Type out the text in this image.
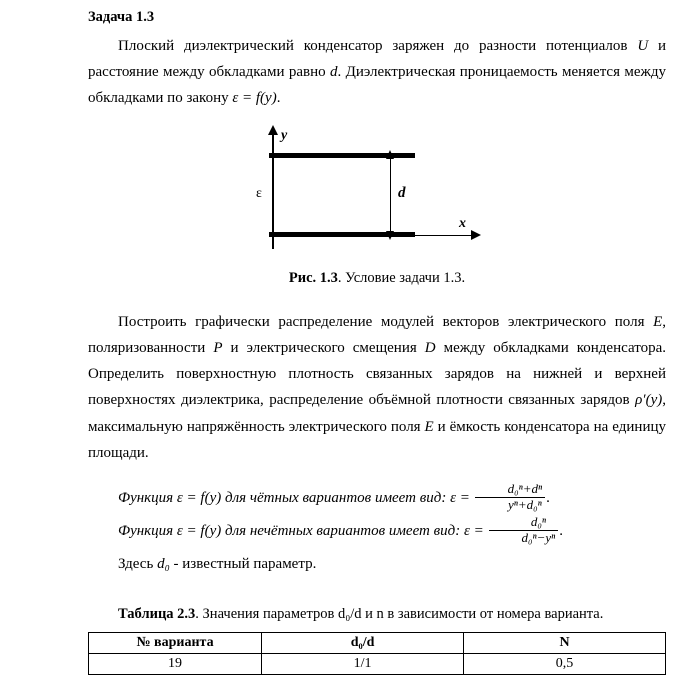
Задача 1.3

Плоский диэлектрический конденсатор заряжен до разности потенциалов U и расстояние между обкладками равно d. Диэлектрическая проницаемость меняется между обкладками по закону ε = f(y).

y
x
d
ε
Рис. 1.3. Условие задачи 1.3.

Построить графически распределение модулей векторов электрического поля E, поляризованности P и электрического смещения D между обкладками конденсатора. Определить поверхностную плотность связанных зарядов на нижней и верхней поверхностях диэлектрика, распределение объёмной плотности связанных зарядов ρ′(y), максимальную напряжённость электрического поля E и ёмкость конденсатора на единицу площади.

Функция ε = f(y) для чётных вариантов имеет вид: $\varepsilon = \frac{\text{d₀ⁿ+dⁿ}}{\text{yⁿ+d₀ⁿ}}$ .

Функция ε = f(y) для нечётных вариантов имеет вид: $\varepsilon = \frac{\text{d₀ⁿ}}{\text{d₀ⁿ−yⁿ}}$ .

Здесь d₀ - известный параметр.

Таблица 2.3. Значения параметров d₀/d и n в зависимости от номера варианта.

№ варианта	d₀/d	N
19	1/1	0,5
